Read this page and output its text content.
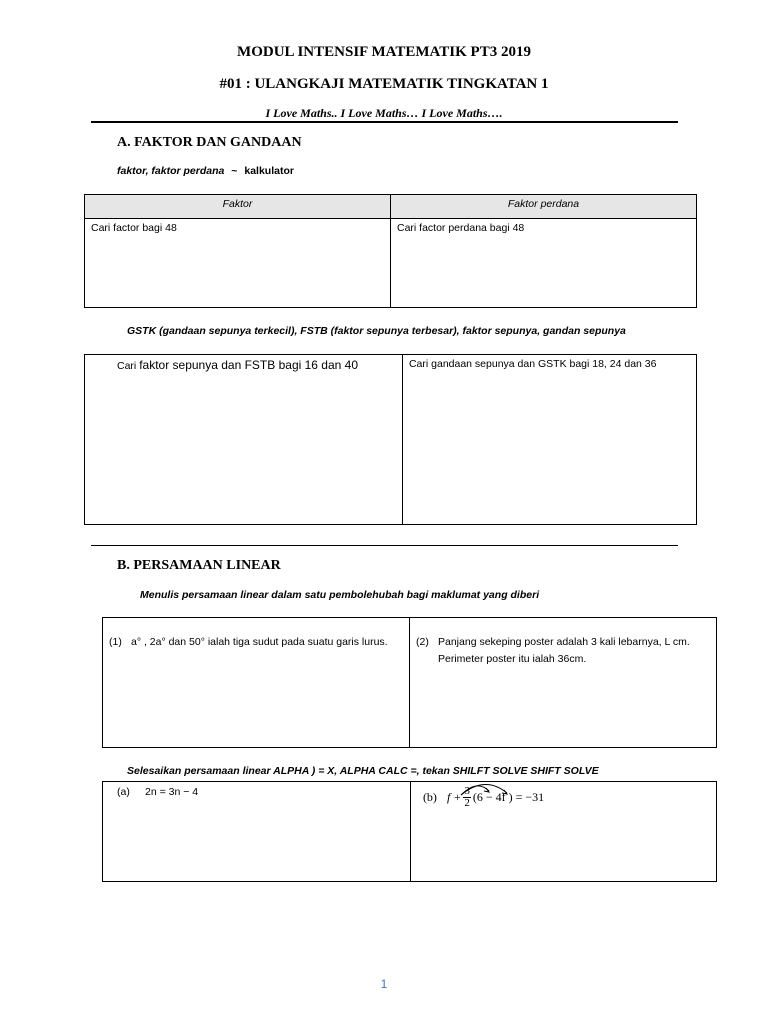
MODUL INTENSIF MATEMATIK PT3 2019
#01 : ULANGKAJI MATEMATIK TINGKATAN 1
I Love Maths.. I Love Maths… I Love Maths….
A. FAKTOR DAN GANDAAN
faktor, faktor perdana ~ kalkulator
Faktor	Faktor perdana
Cari factor bagi 48	Cari factor perdana bagi 48
GSTK (gandaan sepunya terkecil), FSTB (faktor sepunya terbesar), faktor sepunya, gandan sepunya
Cari faktor sepunya dan FSTB bagi 16 dan 40	Cari gandaan sepunya dan GSTK bagi 18, 24 dan 36
B. PERSAMAAN LINEAR
Menulis persamaan linear dalam satu pembolehubah bagi maklumat yang diberi
(1) a° , 2a° dan 50° ialah tiga sudut pada suatu garis lurus.	(2) Panjang sekeping poster adalah 3 kali lebarnya, L cm. Perimeter poster itu ialah 36cm.
Selesaikan persamaan linear ALPHA ) = X, ALPHA CALC =, tekan SHILFT SOLVE SHIFT SOLVE
(a)	2n = 3n − 4	(b) $f + \frac{3}{2} (6 - 4f$ ) = −31
1
